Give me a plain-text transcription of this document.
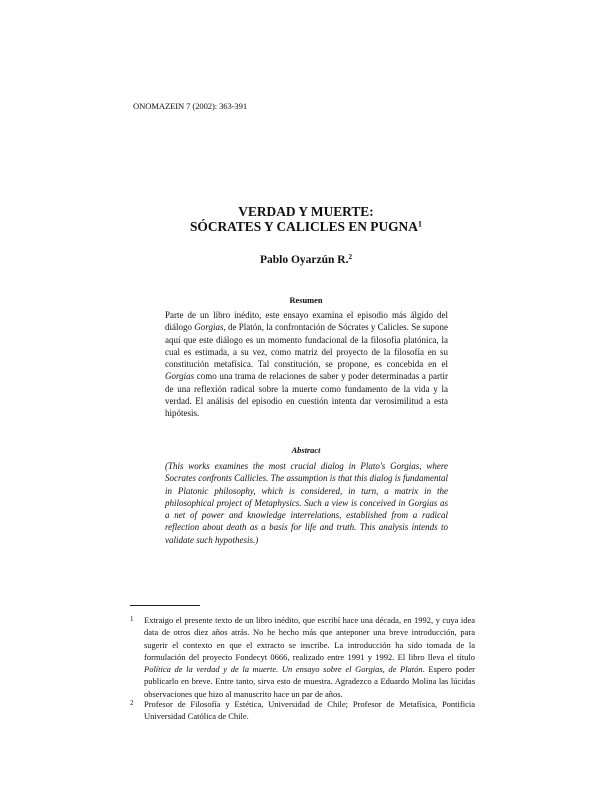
ONOMAZEIN 7 (2002): 363-391
VERDAD Y MUERTE:
SÓCRATES Y CALICLES EN PUGNA$^1$
Pablo Oyarzún R.$^2$
Resumen
Parte de un libro inédito, este ensayo examina el episodio más álgido del diálogo Gorgias, de Platón, la confrontación de Sócrates y Calicles. Se supone aquí que este diálogo es un momento fundacional de la filosofía platónica, la cual es estimada, a su vez, como matriz del proyecto de la filosofía en su constitución metafísica. Tal constitución, se propone, es concebida en el Gorgias como una trama de relaciones de saber y poder determinadas a partir de una reflexión radical sobre la muerte como fundamento de la vida y la verdad. El análisis del episodio en cuestión intenta dar verosimilitud a esta hipótesis.
Abstract
(This works examines the most crucial dialog in Plato's Gorgias, where Socrates confronts Callicles. The assumption is that this dialog is fundamental in Platonic philosophy, which is considered, in turn, a matrix in the philosophical project of Metaphysics. Such a view is conceived in Gorgias as a net of power and knowledge interrelations, established from a radical reflection about death as a basis for life and truth. This analysis intends to validate such hypothesis.)
1 Extraigo el presente texto de un libro inédito, que escribí hace una década, en 1992, y cuya idea data de otros diez años atrás. No he hecho más que anteponer una breve introducción, para sugerir el contexto en que el extracto se inscribe. La introducción ha sido tomada de la formulación del proyecto Fondecyt 0666, realizado entre 1991 y 1992. El libro lleva el título Política de la verdad y de la muerte. Un ensayo sobre el Gorgias, de Platón. Espero poder publicarlo en breve. Entre tanto, sirva esto de muestra. Agradezco a Eduardo Molina las lúcidas observaciones que hizo al manuscrito hace un par de años.
2 Profesor de Filosofía y Estética, Universidad de Chile; Profesor de Metafísica, Pontificia Universidad Católica de Chile.
